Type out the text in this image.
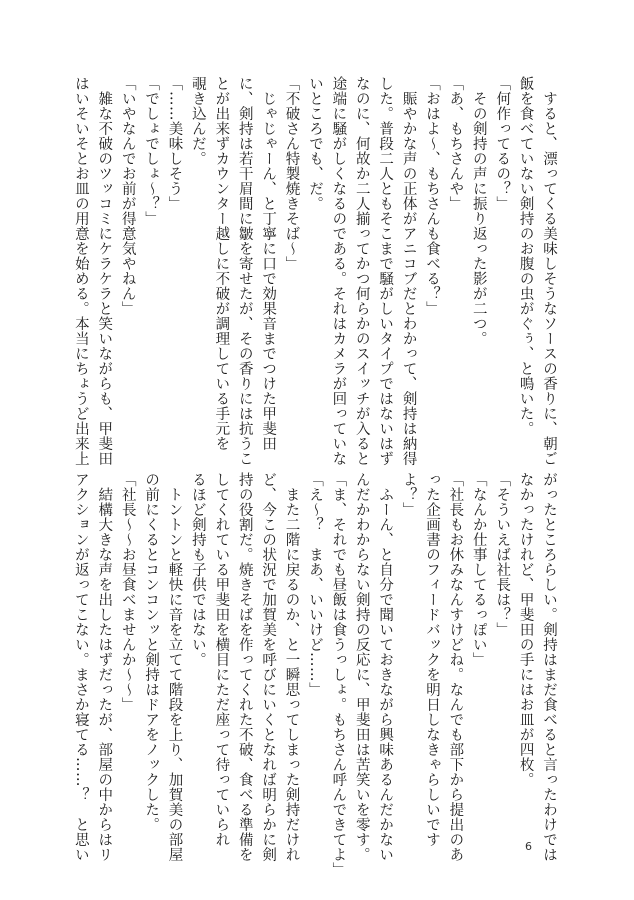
　すると、漂ってくる美味しそうなソースの香りに、朝ご
飯を食べていない剣持のお腹の虫がぐぅ、と鳴いた。
「何作ってるの？」
　その剣持の声に振り返った影が二つ。
「あ、もちさんや」
「おはよ〜、もちさんも食べる？」
　賑やかな声の正体がアニコブだとわかって、剣持は納得
した。普段二人ともそこまで騒がしいタイプではないはず
なのに、何故か二人揃ってかつ何らかのスイッチが入ると
途端に騒がしくなるのである。それはカメラが回っていな
いところでも、だ。
「不破さん特製焼きそば〜」
　じゃじゃーん、と丁寧に口で効果音までつけた甲斐田
に、剣持は若干眉間に皺を寄せたが、その香りには抗うこ
とが出来ずカウンター越しに不破が調理している手元を
覗き込んだ。
「……美味しそう」
「でしょでしょ〜？」
「いやなんでお前が得意気やねん」
　雑な不破のツッコミにケラケラと笑いながらも、甲斐田
はいそいそとお皿の用意を始める。本当にちょうど出来上
がったところらしい。剣持はまだ食べると言ったわけでは
なかったけれど、甲斐田の手にはお皿が四枚。
「そういえば社長は？」
「なんか仕事してるっぽい」
「社長もお休みなんすけどね。なんでも部下から提出のあ
った企画書のフィードバックを明日しなきゃらしいです
よ？」
　ふーん、と自分で聞いておきながら興味あるんだかない
んだかわからない剣持の反応に、甲斐田は苦笑いを零す。
「ま、それでも昼飯は食うっしょ。もちさん呼んできてよ」
「え〜？　まあ、いいけど……」
　また二階に戻るのか、と一瞬思ってしまった剣持だけれ
ど、今この状況で加賀美を呼びにいくとなれば明らかに剣
持の役割だ。焼きそばを作ってくれた不破、食べる準備を
してくれている甲斐田を横目にただ座って待っていられ
るほど剣持も子供ではない。
　トントンと軽快に音を立てて階段を上り、加賀美の部屋
の前にくるとコンコンッと剣持はドアをノックした。
「社長〜〜お昼食べませんか〜〜」
　結構大きな声を出したはずだったが、部屋の中からはリ
アクションが返ってこない。まさか寝てる……？　と思い	6
